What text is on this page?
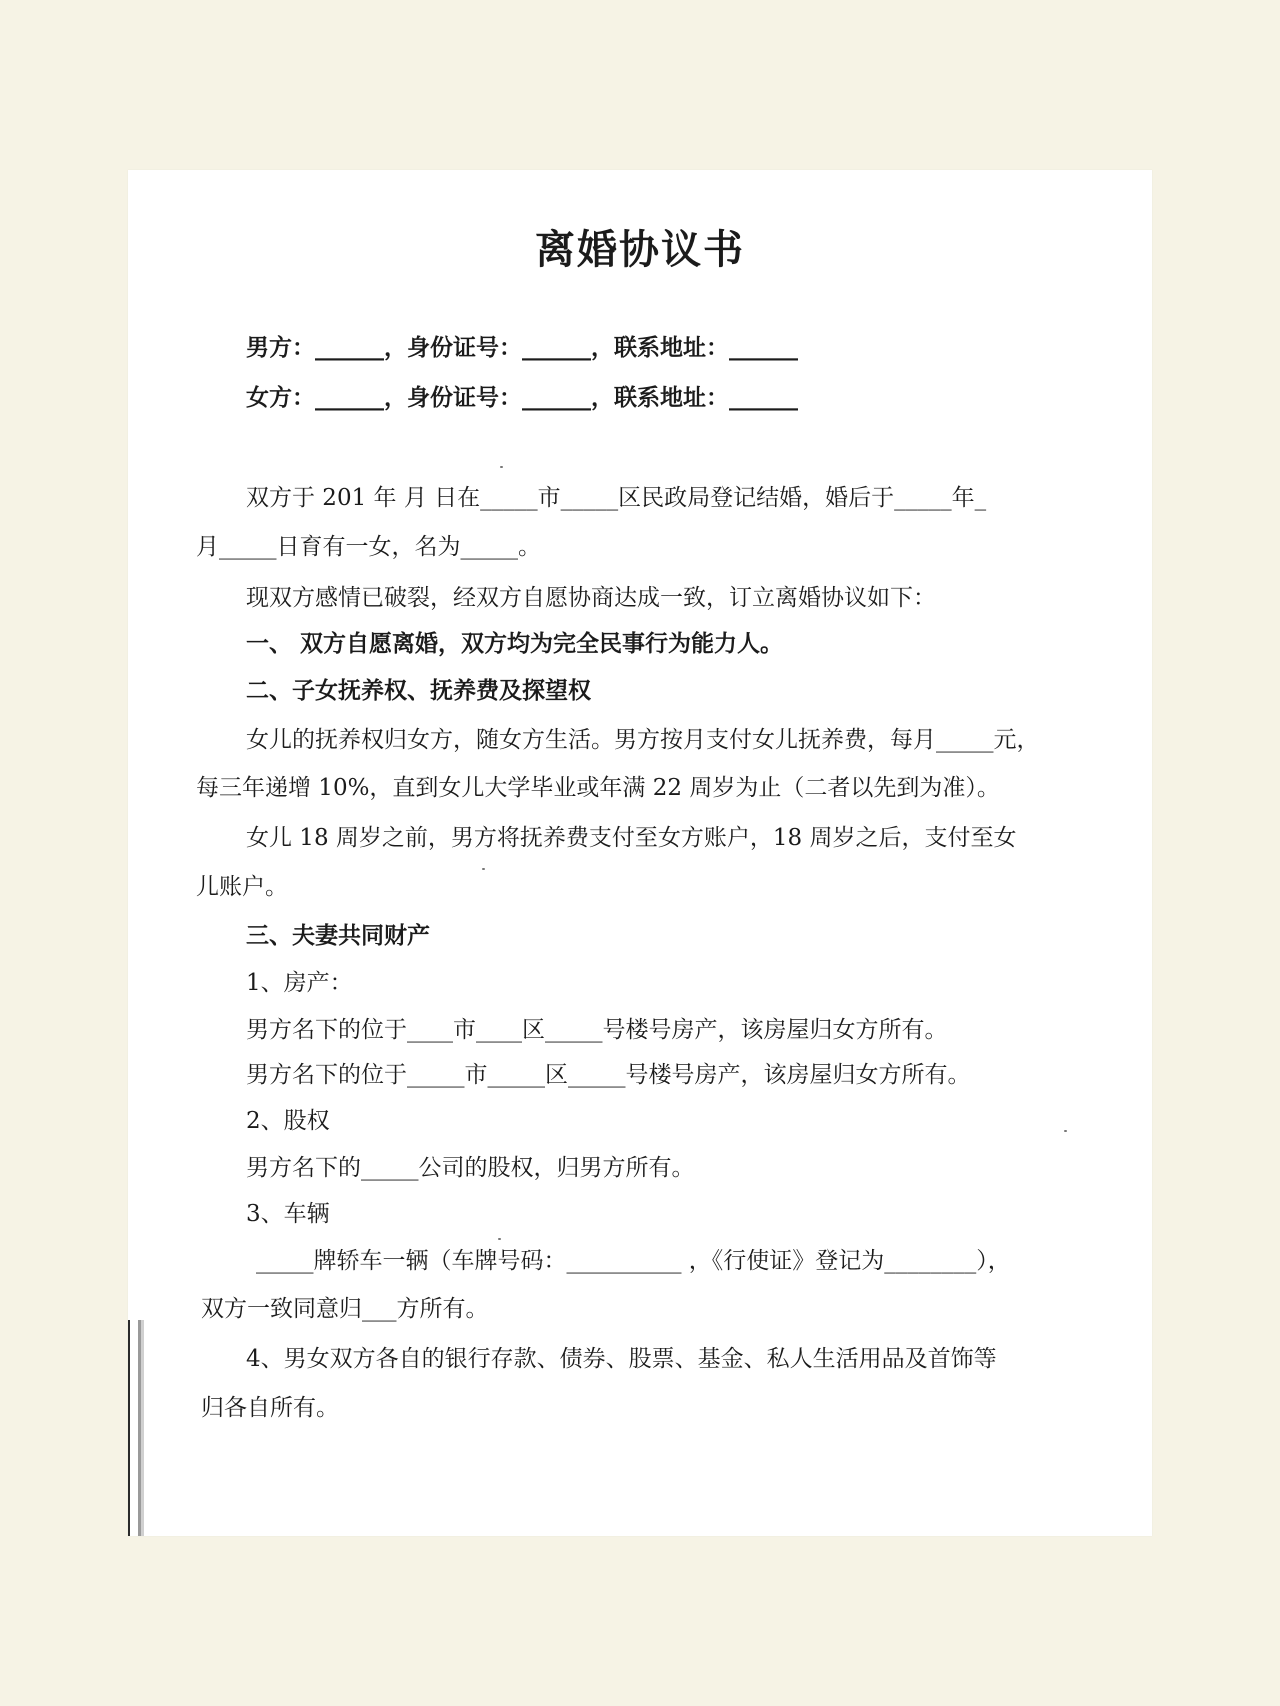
离婚协议书
男方：______，身份证号：______，联系地址：______
女方：______，身份证号：______，联系地址：______
双方于 201 年 月 日在_____市_____区民政局登记结婚，婚后于_____年_
月_____日育有一女，名为_____。
现双方感情已破裂，经双方自愿协商达成一致，订立离婚协议如下：
一、 双方自愿离婚，双方均为完全民事行为能力人。
二、子女抚养权、抚养费及探望权
女儿的抚养权归女方，随女方生活。男方按月支付女儿抚养费，每月_____元，
每三年递增 10%，直到女儿大学毕业或年满 22 周岁为止（二者以先到为准）。
女儿 18 周岁之前，男方将抚养费支付至女方账户，18 周岁之后，支付至女
儿账户。
三、夫妻共同财产
1、房产：
男方名下的位于____市____区_____号楼号房产，该房屋归女方所有。
男方名下的位于_____市_____区_____号楼号房产，该房屋归女方所有。
2、股权
男方名下的_____公司的股权，归男方所有。
3、车辆
_____牌轿车一辆（车牌号码：__________ ，《行使证》登记为________），
双方一致同意归___方所有。
4、男女双方各自的银行存款、债券、股票、基金、私人生活用品及首饰等
归各自所有。
